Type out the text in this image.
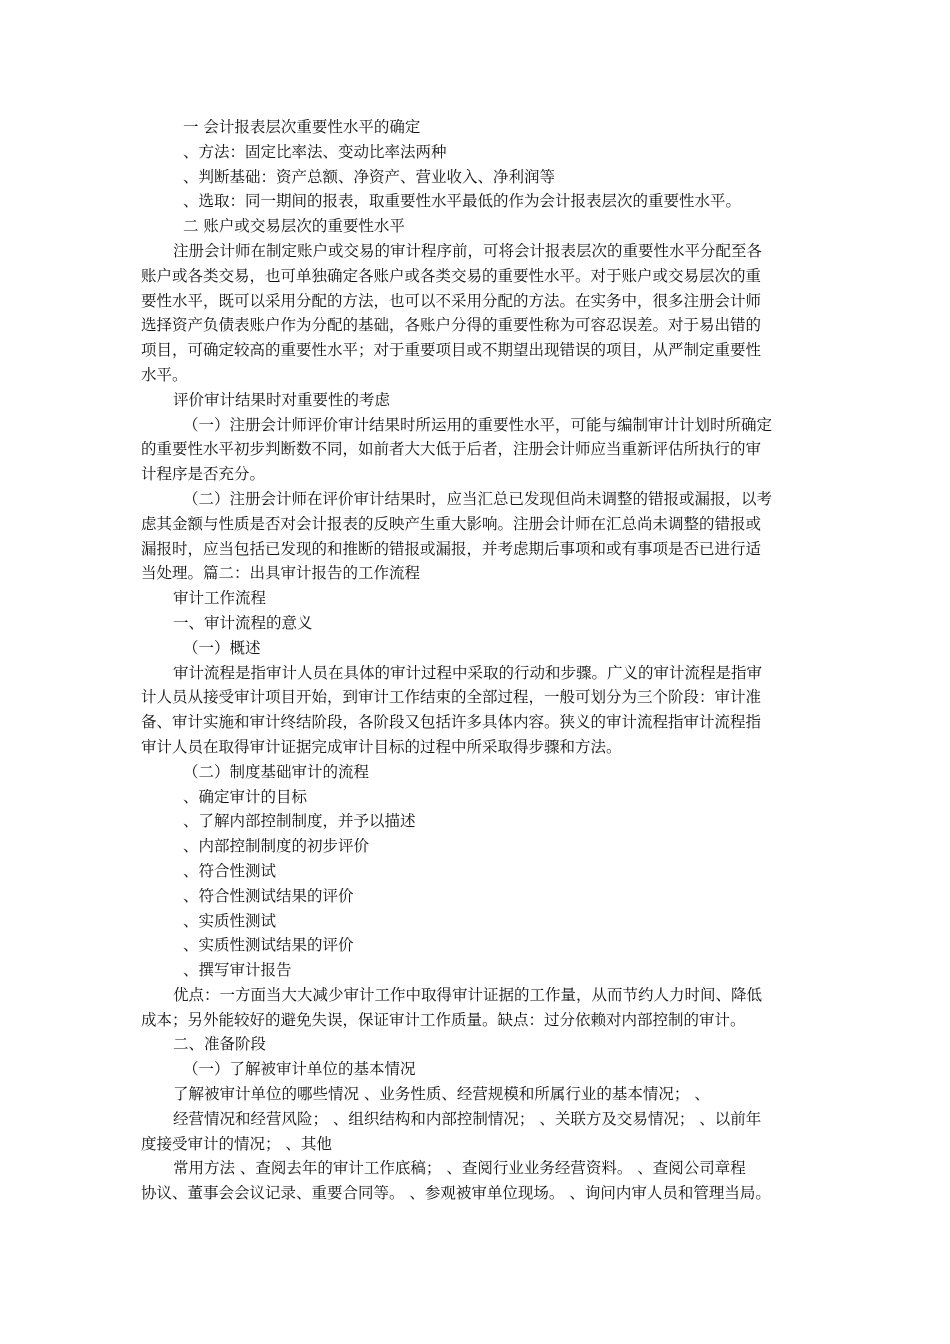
一 会计报表层次重要性水平的确定

、方法：固定比率法、变动比率法两种

、判断基础：资产总额、净资产、营业收入、净利润等

、选取：同一期间的报表，取重要性水平最低的作为会计报表层次的重要性水平。

二 账户或交易层次的重要性水平

注册会计师在制定账户或交易的审计程序前，可将会计报表层次的重要性水平分配至各
账户或各类交易，也可单独确定各账户或各类交易的重要性水平。对于账户或交易层次的重
要性水平，既可以采用分配的方法，也可以不采用分配的方法。在实务中，很多注册会计师
选择资产负债表账户作为分配的基础，各账户分得的重要性称为可容忍误差。对于易出错的
项目，可确定较高的重要性水平；对于重要项目或不期望出现错误的项目，从严制定重要性
水平。

评价审计结果时对重要性的考虑

（一）注册会计师评价审计结果时所运用的重要性水平，可能与编制审计计划时所确定
的重要性水平初步判断数不同，如前者大大低于后者，注册会计师应当重新评估所执行的审
计程序是否充分。
（二）注册会计师在评价审计结果时，应当汇总已发现但尚未调整的错报或漏报，以考
虑其金额与性质是否对会计报表的反映产生重大影响。注册会计师在汇总尚未调整的错报或
漏报时，应当包括已发现的和推断的错报或漏报，并考虑期后事项和或有事项是否已进行适
当处理。篇二：出具审计报告的工作流程

审计工作流程

一、审计流程的意义

（一）概述

审计流程是指审计人员在具体的审计过程中采取的行动和步骤。广义的审计流程是指审
计人员从接受审计项目开始，到审计工作结束的全部过程，一般可划分为三个阶段：审计准
备、审计实施和审计终结阶段，各阶段又包括许多具体内容。狭义的审计流程指审计流程指
审计人员在取得审计证据完成审计目标的过程中所采取得步骤和方法。

（二）制度基础审计的流程

、确定审计的目标

、了解内部控制制度，并予以描述

、内部控制制度的初步评价

、符合性测试

、符合性测试结果的评价

、实质性测试

、实质性测试结果的评价

、撰写审计报告

优点：一方面当大大减少审计工作中取得审计证据的工作量，从而节约人力时间、降低
成本；另外能较好的避免失误，保证审计工作质量。缺点：过分依赖对内部控制的审计。

二、准备阶段

（一）了解被审计单位的基本情况

了解被审计单位的哪些情况 、业务性质、经营规模和所属行业的基本情况； 、
经营情况和经营风险； 、组织结构和内部控制情况； 、关联方及交易情况； 、以前年
度接受审计的情况； 、其他
常用方法 、查阅去年的审计工作底稿； 、查阅行业业务经营资料。 、查阅公司章程
协议、董事会会议记录、重要合同等。 、参观被审单位现场。 、询问内审人员和管理当局。
